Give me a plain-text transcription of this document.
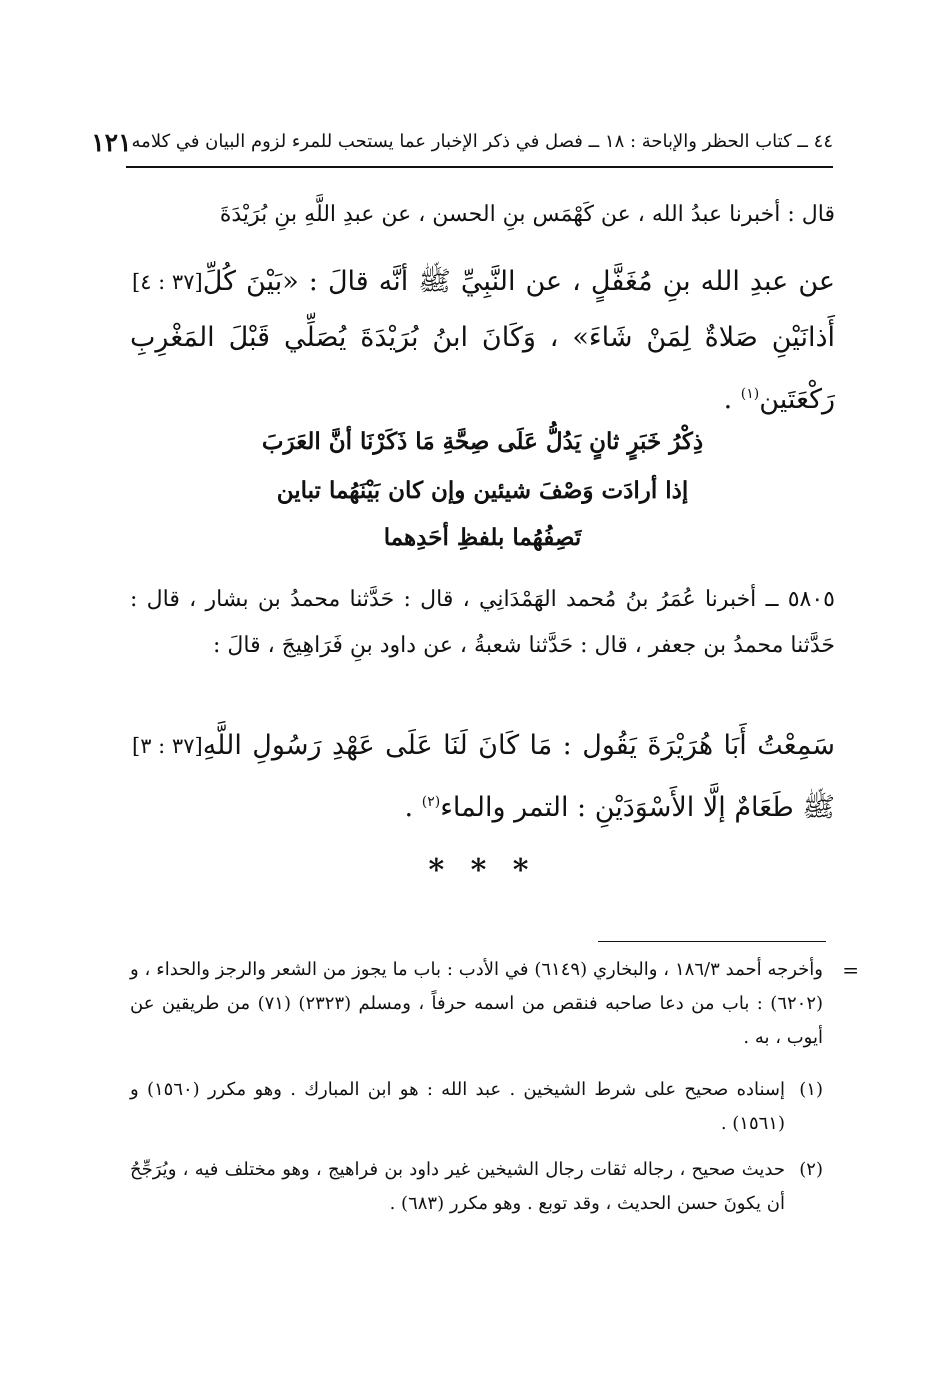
٤٤ ــ كتاب الحظر والإباحة : ١٨ ــ فصل في ذكر الإخبار عما يستحب للمرء لزوم البيان في كلامه
١٢١
قال : أخبرنا عبدُ الله ، عن كَهْمَس بنِ الحسن ، عن عبدِ اللَّهِ بنِ بُرَيْدَةَ
[٣٧ : ٤] عن عبدِ الله بنِ مُغَفَّلٍ ، عن النَّبِيِّ ﷺ أنَّه قالَ : «بَيْنَ كُلِّ أَذانَيْنِ صَلاةٌ لِمَنْ شَاءَ» ، وَكَانَ ابنُ بُرَيْدَةَ يُصَلِّي قَبْلَ المَغْرِبِ رَكْعَتَين$^{(١)}$ .
ذِكْرُ خَبَرٍ ثانٍ يَدُلُّ عَلَى صِحَّةِ مَا ذَكَرْنَا أنَّ العَرَبَ
إذا أرادَت وَصْفَ شيئين وإن كان بَيْنَهُما تباين
تَصِفُهُما بلفظِ أحَدِهما
٥٨٠٥ ــ أخبرنا عُمَرُ بنُ مُحمد الهَمْدَانِي ، قال : حَدَّثنا محمدُ بن بشار ، قال : حَدَّثنا محمدُ بن جعفر ، قال : حَدَّثنا شعبةُ ، عن داود بنِ فَرَاهِيجَ ، قالَ :
[٣٧ : ٣] سَمِعْتُ أَبَا هُرَيْرَةَ يَقُول : مَا كَانَ لَنَا عَلَى عَهْدِ رَسُولِ اللَّهِ ﷺ طَعَامٌ إلَّا الأَسْوَدَيْنِ : التمر والماء$^{(٢)}$ .
* * *
=
وأخرجه أحمد ١٨٦/٣ ، والبخاري (٦١٤٩) في الأدب : باب ما يجوز من الشعر والرجز والحداء ، و (٦٢٠٢) : باب من دعا صاحبه فنقص من اسمه حرفاً ، ومسلم (٢٣٢٣) (٧١) من طريقين عن أيوب ، به .
(١)
إسناده صحيح على شرط الشيخين . عبد الله : هو ابن المبارك . وهو مكرر (١٥٦٠) و (١٥٦١) .
(٢)
حديث صحيح ، رجاله ثقات رجال الشيخين غير داود بن فراهيج ، وهو مختلف فيه ، ويُرَجِّحُ أن يكونَ حسن الحديث ، وقد توبع . وهو مكرر (٦٨٣) .
